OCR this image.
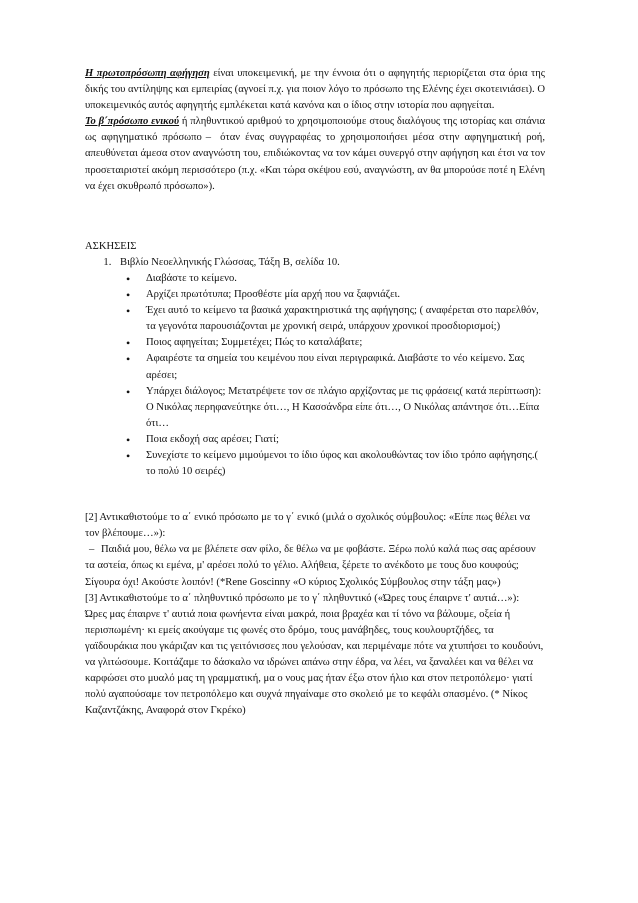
Η πρωτοπρόσωπη αφήγηση είναι υποκειμενική, με την έννοια ότι ο αφηγητής περιορίζεται στα όρια της δικής του αντίληψης και εμπειρίας (αγνοεί π.χ. για ποιον λόγο το πρόσωπο της Ελένης έχει σκοτεινιάσει). Ο υποκειμενικός αυτός αφηγητής εμπλέκεται κατά κανόνα και ο ίδιος στην ιστορία που αφηγείται.

Το β΄πρόσωπο ενικού ή πληθυντικού αριθμού το χρησιμοποιούμε στους διαλόγους της ιστορίας και σπάνια ως αφηγηματικό πρόσωπο – όταν ένας συγγραφέας το χρησιμοποιήσει μέσα στην αφηγηματική ροή, απευθύνεται άμεσα στον αναγνώστη του, επιδιώκοντας να τον κάμει συνεργό στην αφήγηση και έτσι να τον προσεταιριστεί ακόμη περισσότερο (π.χ. «Και τώρα σκέψου εσύ, αναγνώστη, αν θα μπορούσε ποτέ η Ελένη να έχει σκυθρωπό πρόσωπο»).

ΑΣΚΗΣΕΙΣ

1. Βιβλίο Νεοελληνικής Γλώσσας, Τάξη Β, σελίδα 10.
• Διαβάστε το κείμενο.
• Αρχίζει πρωτότυπα; Προσθέστε μία αρχή που να ξαφνιάζει.
• Έχει αυτό το κείμενο τα βασικά χαρακτηριστικά της αφήγησης; ( αναφέρεται στο παρελθόν, τα γεγονότα παρουσιάζονται με χρονική σειρά, υπάρχουν χρονικοί προσδιορισμοί;)
• Ποιος αφηγείται; Συμμετέχει; Πώς το καταλάβατε;
• Αφαιρέστε τα σημεία του κειμένου που είναι περιγραφικά. Διαβάστε το νέο κείμενο. Σας αρέσει;
• Υπάρχει διάλογος; Μετατρέψετε τον σε πλάγιο αρχίζοντας με τις φράσεις( κατά περίπτωση): Ο Νικόλας περηφανεύτηκε ότι…, Η Κασσάνδρα είπε ότι…, Ο Νικόλας απάντησε ότι…Είπα ότι…
• Ποια εκδοχή σας αρέσει; Γιατί;
• Συνεχίστε το κείμενο μιμούμενοι το ίδιο ύφος και ακολουθώντας τον ίδιο τρόπο αφήγησης.( το πολύ 10 σειρές)

[2] Αντικαθιστούμε το α΄ ενικό πρόσωπο με το γ΄ ενικό (μιλά ο σχολικός σύμβουλος: «Είπε πως θέλει να τον βλέπουμε…»):

– Παιδιά μου, θέλω να με βλέπετε σαν φίλο, δε θέλω να με φοβάστε. Ξέρω πολύ καλά πως σας αρέσουν τα αστεία, όπως κι εμένα, μ' αρέσει πολύ το γέλιο. Αλήθεια, ξέρετε το ανέκδοτο με τους δυο κουφούς; Σίγουρα όχι! Ακούστε λοιπόν! (*Rene Goscinny «Ο κύριος Σχολικός Σύμβουλος στην τάξη μας»)

[3] Αντικαθιστούμε το α΄ πληθυντικό πρόσωπο με το γ΄ πληθυντικό («Ώρες τους έπαιρνε τ' αυτιά…»):

Ώρες μας έπαιρνε τ' αυτιά ποια φωνήεντα είναι μακρά, ποια βραχέα και τί τόνο να βάλουμε, οξεία ή περισπωμένη· κι εμείς ακούγαμε τις φωνές στο δρόμο, τους μανάβηδες, τους κουλουρτζήδες, τα γαϊδουράκια που γκάριζαν και τις γειτόνισσες που γελούσαν, και περιμέναμε πότε να χτυπήσει το κουδούνι, να γλιτώσουμε. Κοιτάζαμε το δάσκαλο να ιδρώνει απάνω στην έδρα, να λέει, να ξαναλέει και να θέλει να καρφώσει στο μυαλό μας τη γραμματική, μα ο νους μας ήταν έξω στον ήλιο και στον πετροπόλεμο· γιατί πολύ αγαπούσαμε τον πετροπόλεμο και συχνά πηγαίναμε στο σκολειό με το κεφάλι σπασμένο. (* Νίκος Καζαντζάκης, Αναφορά στον Γκρέκο)
